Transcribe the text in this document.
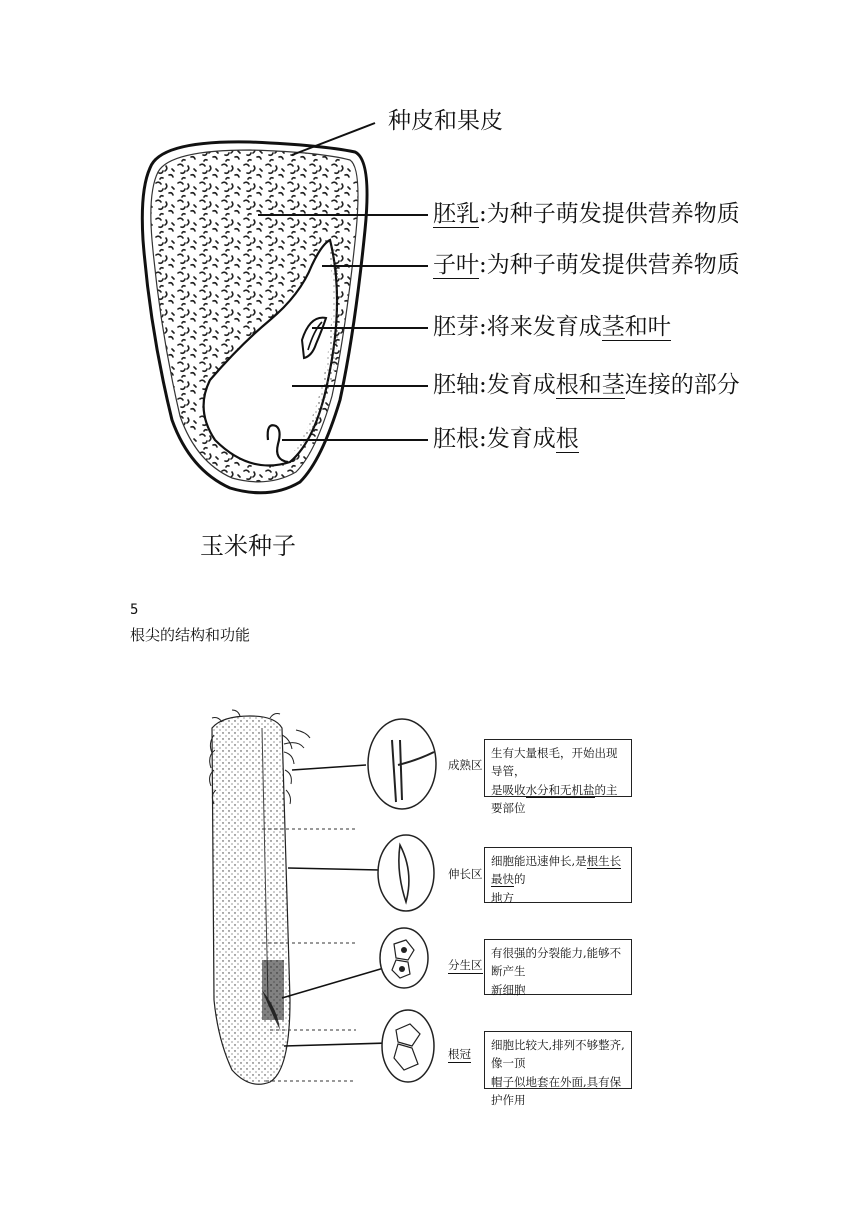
种皮和果皮
胚乳:为种子萌发提供营养物质
子叶:为种子萌发提供营养物质
胚芽:将来发育成茎和叶
胚轴:发育成根和茎连接的部分
胚根:发育成根
玉米种子
5
根尖的结构和功能
成熟区
伸长区
分生区
根冠
生有大量根毛，开始出现导管，
是吸收水分和无机盐的主要部位
细胞能迅速伸长,是根生长最快的
地方
有很强的分裂能力,能够不断产生
新细胞
细胞比较大,排列不够整齐,像一顶
帽子似地套在外面,具有保护作用
